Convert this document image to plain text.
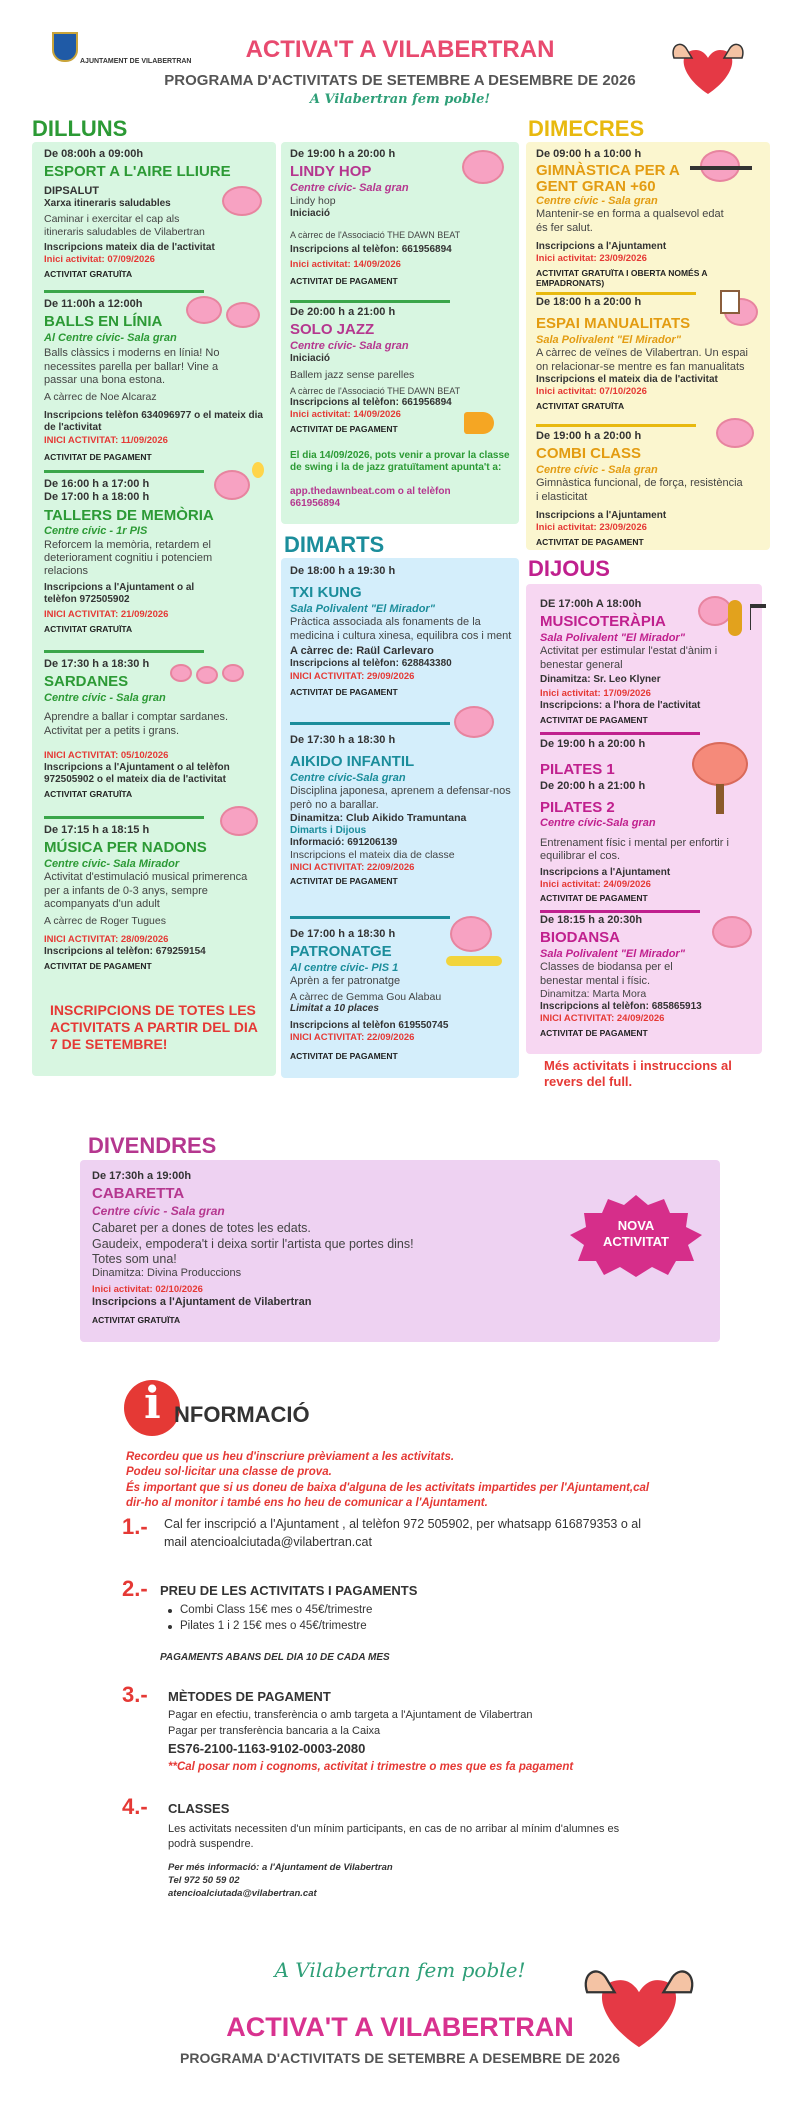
AJUNTAMENT DE VILABERTRAN	ACTIVA'T A VILABERTRAN
PROGRAMA D'ACTIVITATS DE SETEMBRE A DESEMBRE DE 2026
A Vilabertran fem poble!
DILLUNS
DIMARTS
DIMECRES
DIJOUS
DIVENDRES
De 08:00h a 09:00h
ESPORT A L'AIRE LLIURE
DIPSALUT
Xarxa itineraris saludables
Caminar i exercitar el cap als itineraris saludables de Vilabertran
Inscripcions mateix dia de l'activitat
Inici activitat: 07/09/2026
ACTIVITAT GRATUÏTA
De 11:00h a 12:00h
BALLS EN LÍNIA
Al Centre cívic- Sala gran
Balls clàssics i moderns en línia! No necessites parella per ballar! Vine a passar una bona estona.
A càrrec de Noe Alcaraz
Inscripcions telèfon 634096977 o el mateix dia de l'activitat
INICI ACTIVITAT: 11/09/2026
ACTIVITAT DE PAGAMENT
De 16:00 h a 17:00 h
De 17:00 h a 18:00 h
TALLERS DE MEMÒRIA
Centre cívic - 1r PIS
Reforcem la memòria, retardem el deteriorament cognitiu i potenciem relacions
Inscripcions a l'Ajuntament o al telèfon 972505902
INICI ACTIVITAT: 21/09/2026
ACTIVITAT GRATUÏTA
De 17:30 h a 18:30 h
SARDANES
Centre cívic - Sala gran
Aprendre a ballar i comptar sardanes. Activitat per a petits i grans.
INICI ACTIVITAT: 05/10/2026
Inscripcions a l'Ajuntament o al telèfon 972505902 o el mateix dia de l'activitat
ACTIVITAT GRATUÏTA
De 17:15 h a 18:15 h
MÚSICA PER NADONS
Centre cívic- Sala Mirador
Activitat d'estimulació musical primerenca per a infants de 0-3 anys, sempre acompanyats d'un adult
A càrrec de Roger Tugues
INICI ACTIVITAT: 28/09/2026
Inscripcions al telèfon: 679259154
ACTIVITAT DE PAGAMENT
INSCRIPCIONS DE TOTES LES ACTIVITATS A PARTIR DEL DIA 7 DE SETEMBRE!
De 19:00 h a 20:00 h
LINDY HOP
Centre cívic- Sala gran
Lindy hop
Iniciació
A càrrec de l'Associació THE DAWN BEAT
Inscripcions al telèfon: 661956894
Inici activitat: 14/09/2026
ACTIVITAT DE PAGAMENT
De 20:00 h a 21:00 h
SOLO JAZZ
Centre cívic- Sala gran
Iniciació
Ballem jazz sense parelles
A càrrec de l'Associació THE DAWN BEAT
Inscripcions al telèfon: 661956894
Inici activitat: 14/09/2026
ACTIVITAT DE PAGAMENT
El dia 14/09/2026, pots venir a provar la classe de swing i la de jazz gratuïtament apunta't a:
app.thedawnbeat.com o al telèfon 661956894
De 18:00 h a 19:30 h
TXI KUNG
Sala Polivalent "El Mirador"
Pràctica associada als fonaments de la medicina i cultura xinesa, equilibra cos i ment
A càrrec de: Raül Carlevaro
Inscripcions al telèfon: 628843380
INICI ACTIVITAT: 29/09/2026
ACTIVITAT DE PAGAMENT
De 17:30 h a 18:30 h
AIKIDO INFANTIL
Centre cívic-Sala gran
Disciplina japonesa, aprenem a defensar-nos però no a barallar.
Dinamitza: Club Aikido Tramuntana
Dimarts i Dijous
Informació: 691206139
Inscripcions el mateix dia de classe
INICI ACTIVITAT: 22/09/2026
ACTIVITAT DE PAGAMENT
De 17:00 h a 18:30 h
PATRONATGE
Al centre cívic- PIS 1
Aprèn a fer patronatge
A càrrec de Gemma Gou Alabau
Limitat a 10 places
Inscripcions al telèfon 619550745
INICI ACTIVITAT: 22/09/2026
ACTIVITAT DE PAGAMENT
De 09:00 h a 10:00 h
GIMNÀSTICA PER A GENT GRAN +60
Centre cívic - Sala gran
Mantenir-se en forma a qualsevol edat és fer salut.
Inscripcions a l'Ajuntament
Inici activitat: 23/09/2026
ACTIVITAT GRATUÏTA I OBERTA NOMÉS A EMPADRONATS)
De 18:00 h a 20:00 h
ESPAI MANUALITATS
Sala Polivalent "El Mirador"
A càrrec de veïnes de Vilabertran. Un espai on relacionar-se mentre es fan manualitats
Inscripcions el mateix dia de l'activitat
Inici activitat: 07/10/2026
ACTIVITAT GRATUÏTA
De 19:00 h a 20:00 h
COMBI CLASS
Centre cívic - Sala gran
Gimnàstica funcional, de força, resistència i elasticitat
Inscripcions a l'Ajuntament
Inici activitat: 23/09/2026
ACTIVITAT DE PAGAMENT
DE 17:00h A 18:00h
MUSICOTERÀPIA
Sala Polivalent "El Mirador"
Activitat per estimular l'estat d'ànim i benestar general
Dinamitza: Sr. Leo Klyner
Inici activitat: 17/09/2026
Inscripcions: a l'hora de l'activitat
ACTIVITAT DE PAGAMENT
De 19:00 h a 20:00 h
PILATES 1
De 20:00 h a 21:00 h
PILATES 2
Centre cívic-Sala gran
Entrenament físic i mental per enfortir i equilibrar el cos.
Inscripcions a l'Ajuntament
Inici activitat: 24/09/2026
ACTIVITAT DE PAGAMENT
De 18:15 h a 20:30h
BIODANSA
Sala Polivalent "El Mirador"
Classes de biodansa per el benestar mental i físic.
Dinamitza: Marta Mora
Inscripcions al telèfon: 685865913
INICI ACTIVITAT: 24/09/2026
ACTIVITAT DE PAGAMENT
Més activitats i instruccions al revers del full.
De 17:30h a 19:00h
CABARETTA
Centre cívic - Sala gran
Cabaret per a dones de totes les edats.
Gaudeix, empodera't i deixa sortir l'artista que portes dins!
Totes som una!
Dinamitza: Divina Produccions
Inici activitat: 02/10/2026
Inscripcions a l'Ajuntament de Vilabertran
ACTIVITAT GRATUÏTA
NOVA ACTIVITAT
i NFORMACIÓ
Recordeu que us heu d'inscriure prèviament a les activitats.
Podeu sol·licitar una classe de prova.
És important que si us doneu de baixa d'alguna de les activitats impartides per l'Ajuntament,cal dir-ho al monitor i també ens ho heu de comunicar a l'Ajuntament.
1.- Cal fer inscripció a l'Ajuntament , al telèfon 972 505902, per whatsapp 616879353 o al mail atencioalciutada@vilabertran.cat
2.- PREU DE LES ACTIVITATS I PAGAMENTS
Combi Class 15€ mes o 45€/trimestre
Pilates 1 i 2 15€ mes o 45€/trimestre
PAGAMENTS ABANS DEL DIA 10 DE CADA MES
3.- MÈTODES DE PAGAMENT
Pagar en efectiu, transferència o amb targeta a l'Ajuntament de Vilabertran
Pagar per transferència bancaria a la Caixa
ES76-2100-1163-9102-0003-2080
**Cal posar nom i cognoms, activitat i trimestre o mes que es fa pagament
4.- CLASSES
Les activitats necessiten d'un mínim participants, en cas de no arribar al mínim d'alumnes es podrà suspendre.
Per més informació: a l'Ajuntament de Vilabertran
Tel 972 50 59 02
atencioalciutada@vilabertran.cat
A Vilabertran fem poble!
ACTIVA'T A VILABERTRAN
PROGRAMA D'ACTIVITATS DE SETEMBRE A DESEMBRE DE 2026
